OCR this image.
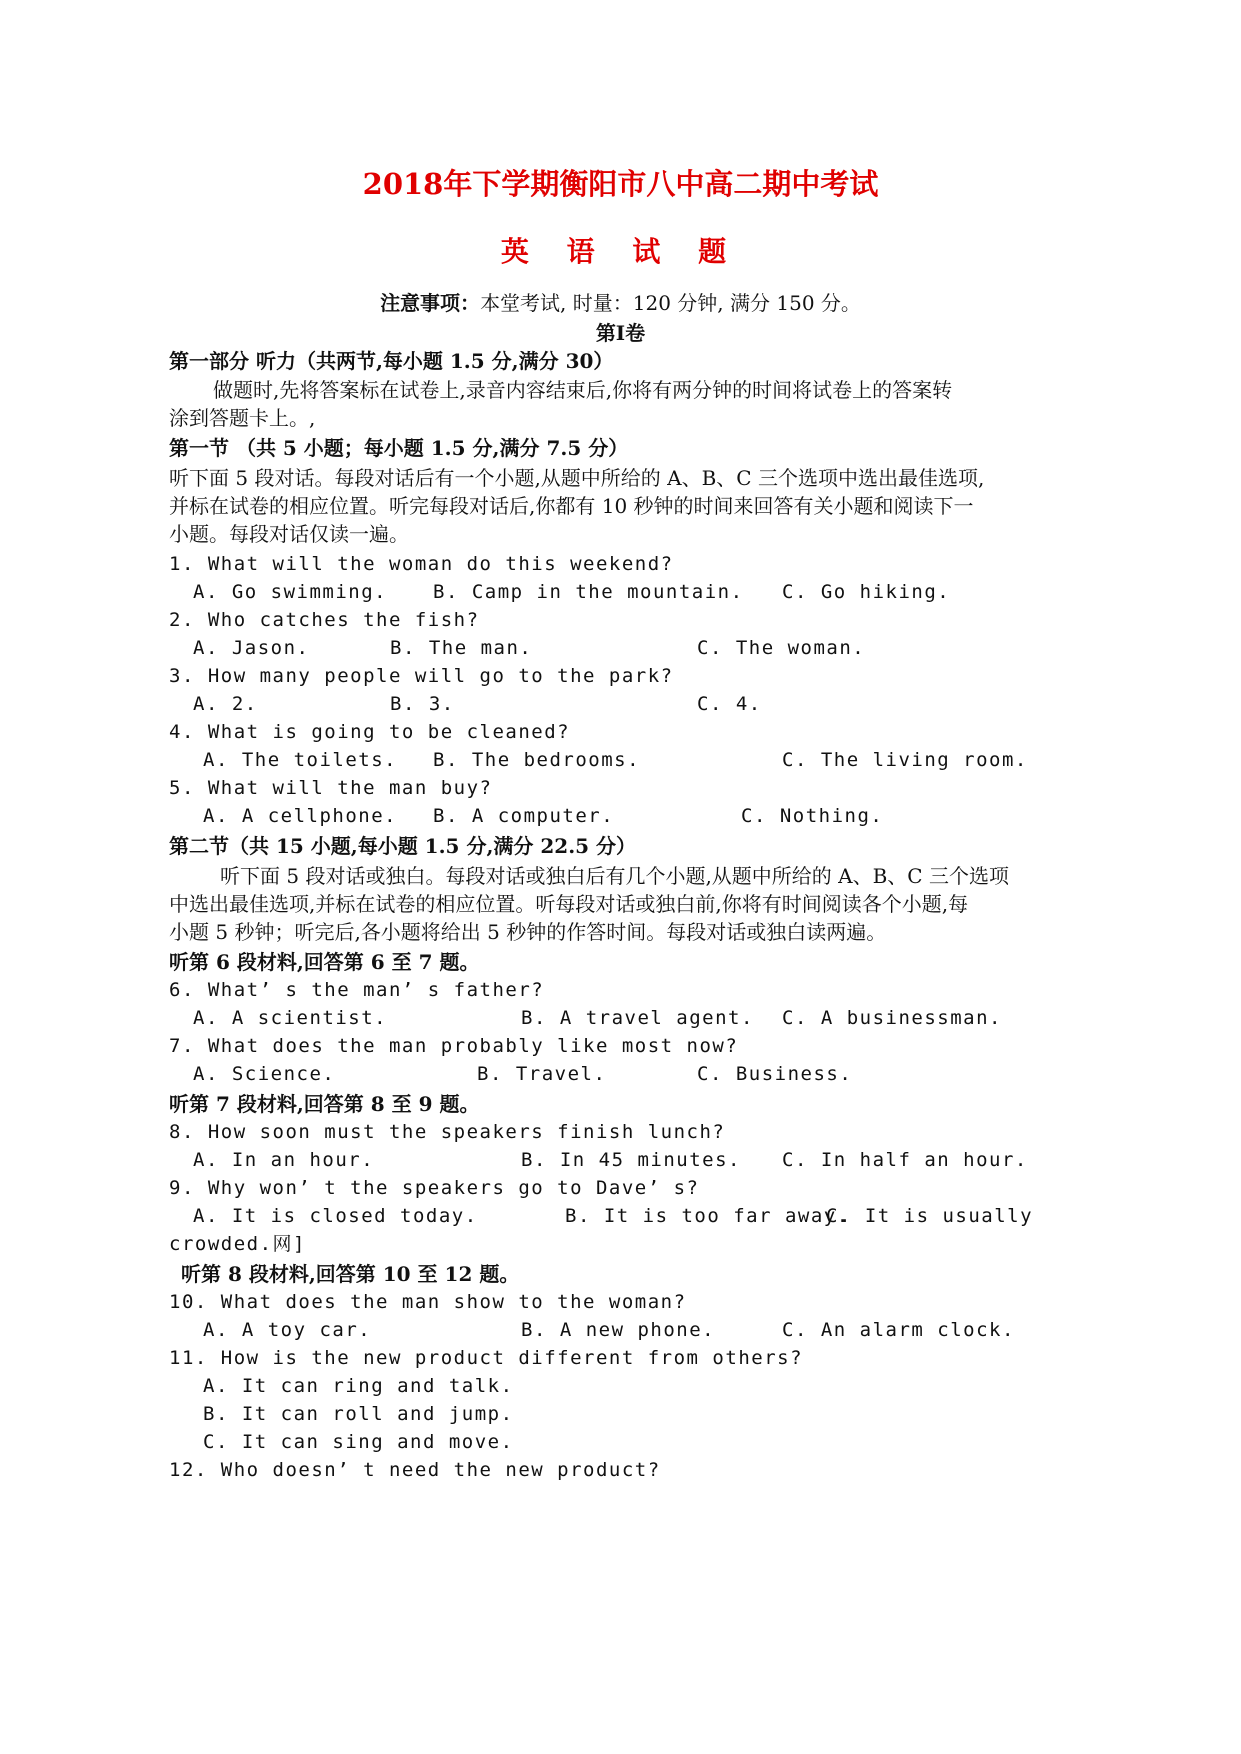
2018年下学期衡阳市八中高二期中考试
英 语 试 题
注意事项：本堂考试, 时量：120 分钟, 满分 150 分。
第Ⅰ卷
第一部分 听力（共两节,每小题 1.5 分,满分 30）
做题时,先将答案标在试卷上,录音内容结束后,你将有两分钟的时间将试卷上的答案转
涂到答题卡上。,
第一节 （共 5 小题；每小题 1.5 分,满分 7.5 分）
听下面 5 段对话。每段对话后有一个小题,从题中所给的 A、B、C 三个选项中选出最佳选项,
并标在试卷的相应位置。听完每段对话后,你都有 10 秒钟的时间来回答有关小题和阅读下一
小题。每段对话仅读一遍。
1. What will the woman do this weekend?
A. Go swimming. B. Camp in the mountain. C. Go hiking.
2. Who catches the fish?
A. Jason.	B. The man.	C. The woman.
3. How many people will go to the park?
A. 2.	B. 3.	C. 4.
4. What is going to be cleaned?
A. The toilets. B. The bedrooms.	C. The living room.
5. What will the man buy?
A. A cellphone. B. A computer.	C. Nothing.
第二节（共 15 小题,每小题 1.5 分,满分 22.5 分）
听下面 5 段对话或独白。每段对话或独白后有几个小题,从题中所给的 A、B、C 三个选项
中选出最佳选项,并标在试卷的相应位置。听每段对话或独白前,你将有时间阅读各个小题,每
小题 5 秒钟；听完后,各小题将给出 5 秒钟的作答时间。每段对话或独白读两遍。
听第 6 段材料,回答第 6 至 7 题。
6. What’ s the man’ s father?
A. A scientist.	B. A travel agent. C. A businessman.
7. What does the man probably like most now?
A. Science.	B. Travel.	C. Business.
听第 7 段材料,回答第 8 至 9 题。
8. How soon must the speakers finish lunch?
A. In an hour.	B. In 45 minutes. C. In half an hour.
9. Why won’ t the speakers go to Dave’ s?
A. It is closed today.	B. It is too far away.
C. It is usually
crowded.网]
听第 8 段材料,回答第 10 至 12 题。
10. What does the man show to the woman?
A. A toy car.	B. A new phone.	C. An alarm clock.
11. How is the new product different from others?
A. It can ring and talk.
B. It can roll and jump.
C. It can sing and move.
12. Who doesn’ t need the new product?
